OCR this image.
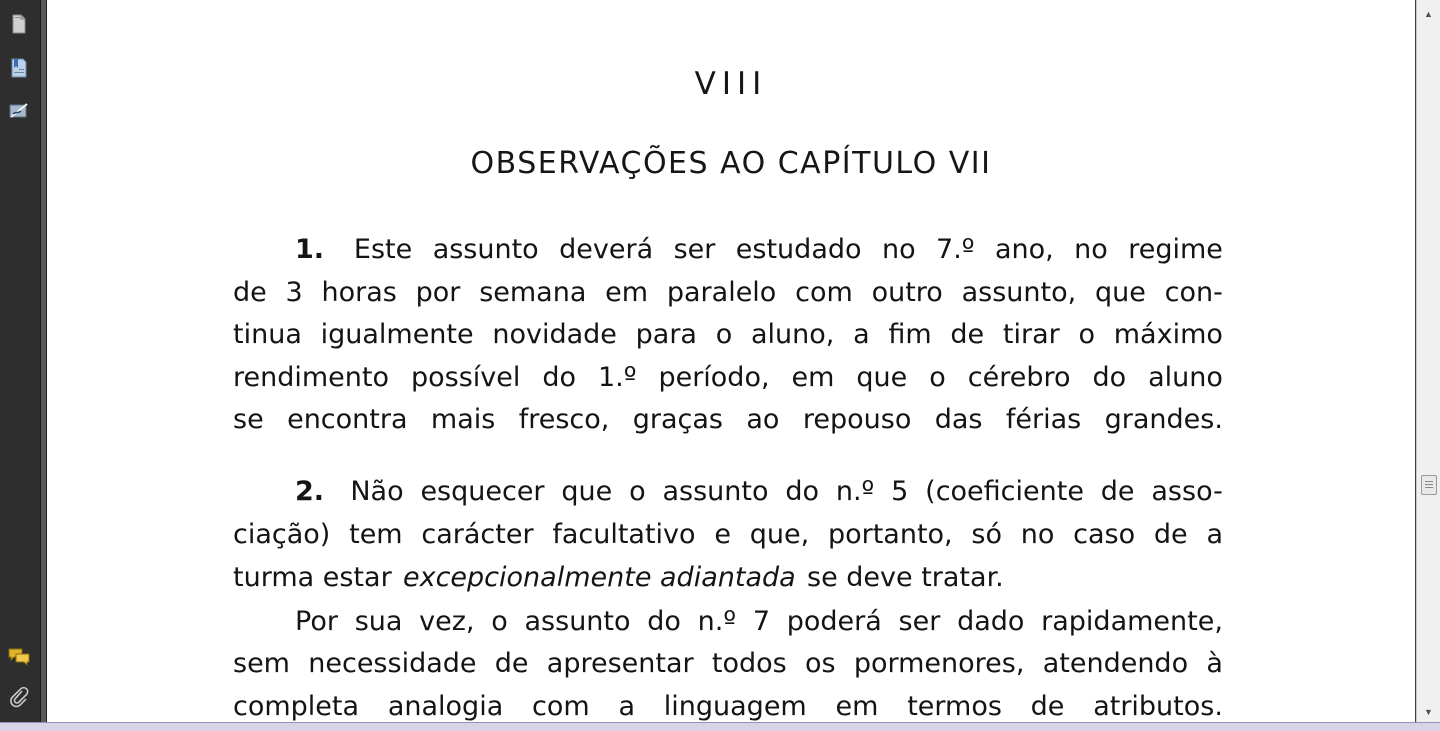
VIII
OBSERVAÇÕES AO CAPÍTULO VII
1. Este assunto deverá ser estudado no 7.º ano, no regime
de 3 horas por semana em paralelo com outro assunto, que con-
tinua igualmente novidade para o aluno, a fim de tirar o máximo
rendimento possível do 1.º período, em que o cérebro do aluno
se encontra mais fresco, graças ao repouso das férias grandes.
2. Não esquecer que o assunto do n.º 5 (coeficiente de asso-
ciação) tem carácter facultativo e que, portanto, só no caso de a
turma estar excepcionalmente adiantada se deve tratar.
Por sua vez, o assunto do n.º 7 poderá ser dado rapidamente,
sem necessidade de apresentar todos os pormenores, atendendo à
completa analogia com a linguagem em termos de atributos.
▲
▼
